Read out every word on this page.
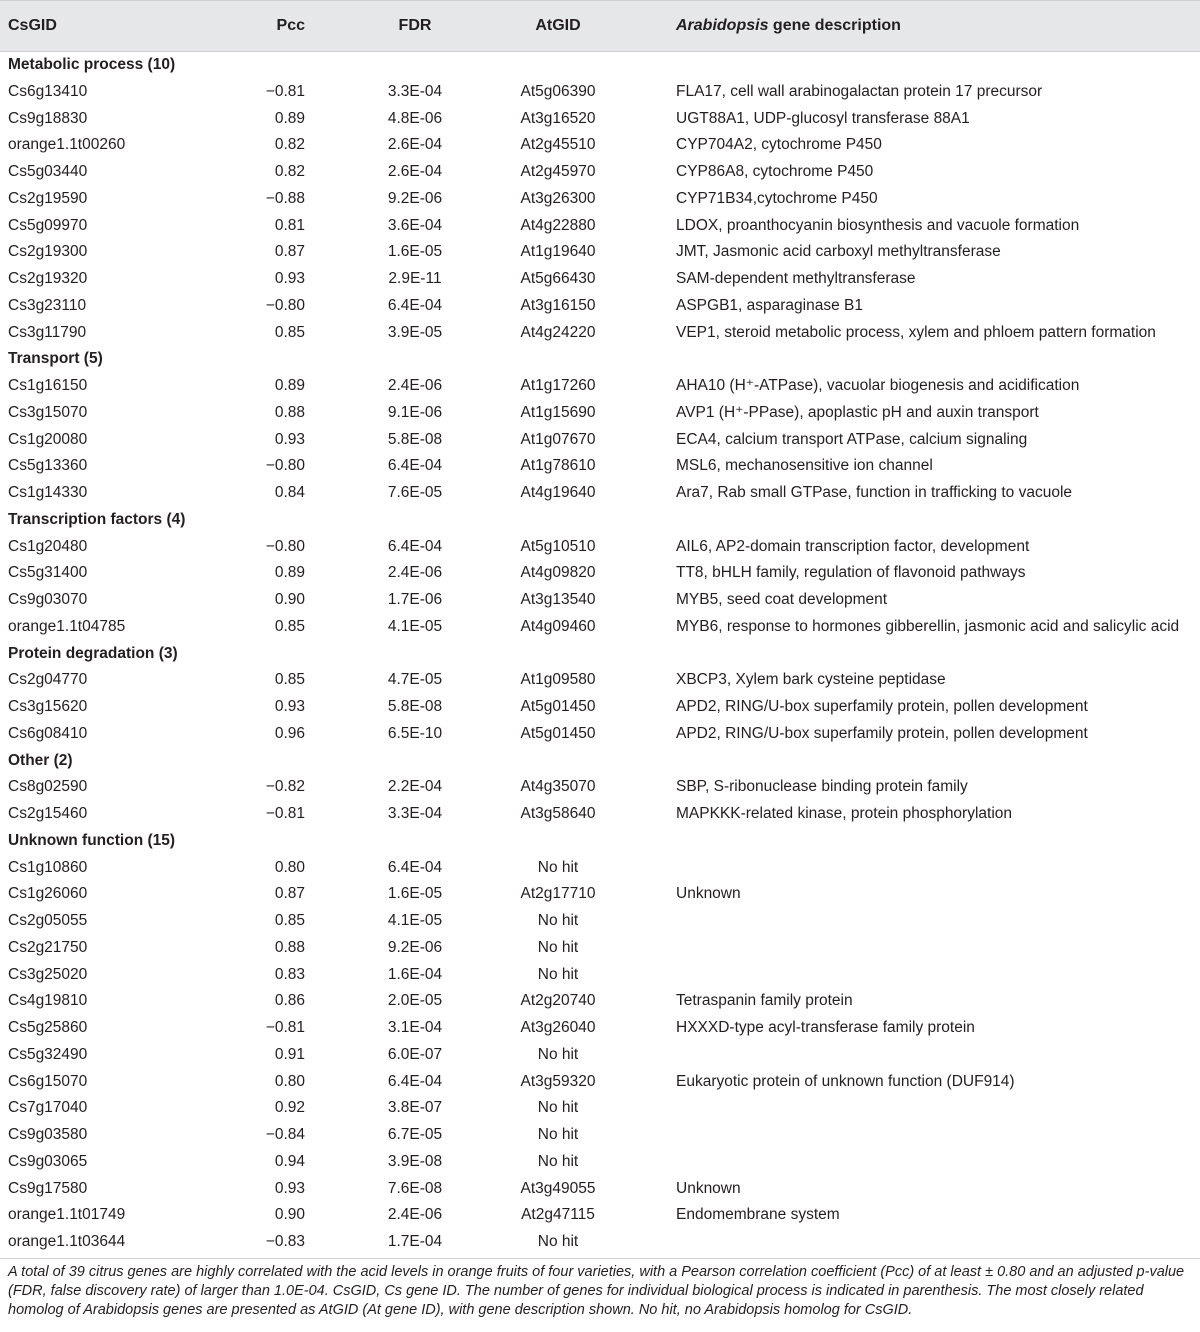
CsGID	Pcc	FDR	AtGID	Arabidopsis gene description
Metabolic process (10)
Cs6g13410	−0.81	3.3E-04	At5g06390	FLA17, cell wall arabinogalactan protein 17 precursor
Cs9g18830	0.89	4.8E-06	At3g16520	UGT88A1, UDP-glucosyl transferase 88A1
orange1.1t00260	0.82	2.6E-04	At2g45510	CYP704A2, cytochrome P450
Cs5g03440	0.82	2.6E-04	At2g45970	CYP86A8, cytochrome P450
Cs2g19590	−0.88	9.2E-06	At3g26300	CYP71B34,cytochrome P450
Cs5g09970	0.81	3.6E-04	At4g22880	LDOX, proanthocyanin biosynthesis and vacuole formation
Cs2g19300	0.87	1.6E-05	At1g19640	JMT, Jasmonic acid carboxyl methyltransferase
Cs2g19320	0.93	2.9E-11	At5g66430	SAM-dependent methyltransferase
Cs3g23110	−0.80	6.4E-04	At3g16150	ASPGB1, asparaginase B1
Cs3g11790	0.85	3.9E-05	At4g24220	VEP1, steroid metabolic process, xylem and phloem pattern formation
Transport (5)
Cs1g16150	0.89	2.4E-06	At1g17260	AHA10 (H⁺-ATPase), vacuolar biogenesis and acidification
Cs3g15070	0.88	9.1E-06	At1g15690	AVP1 (H⁺-PPase), apoplastic pH and auxin transport
Cs1g20080	0.93	5.8E-08	At1g07670	ECA4, calcium transport ATPase, calcium signaling
Cs5g13360	−0.80	6.4E-04	At1g78610	MSL6, mechanosensitive ion channel
Cs1g14330	0.84	7.6E-05	At4g19640	Ara7, Rab small GTPase, function in trafficking to vacuole
Transcription factors (4)
Cs1g20480	−0.80	6.4E-04	At5g10510	AIL6, AP2-domain transcription factor, development
Cs5g31400	0.89	2.4E-06	At4g09820	TT8, bHLH family, regulation of flavonoid pathways
Cs9g03070	0.90	1.7E-06	At3g13540	MYB5, seed coat development
orange1.1t04785	0.85	4.1E-05	At4g09460	MYB6, response to hormones gibberellin, jasmonic acid and salicylic acid
Protein degradation (3)
Cs2g04770	0.85	4.7E-05	At1g09580	XBCP3, Xylem bark cysteine peptidase
Cs3g15620	0.93	5.8E-08	At5g01450	APD2, RING/U-box superfamily protein, pollen development
Cs6g08410	0.96	6.5E-10	At5g01450	APD2, RING/U-box superfamily protein, pollen development
Other (2)
Cs8g02590	−0.82	2.2E-04	At4g35070	SBP, S-ribonuclease binding protein family
Cs2g15460	−0.81	3.3E-04	At3g58640	MAPKKK-related kinase, protein phosphorylation
Unknown function (15)
Cs1g10860	0.80	6.4E-04	No hit
Cs1g26060	0.87	1.6E-05	At2g17710	Unknown
Cs2g05055	0.85	4.1E-05	No hit
Cs2g21750	0.88	9.2E-06	No hit
Cs3g25020	0.83	1.6E-04	No hit
Cs4g19810	0.86	2.0E-05	At2g20740	Tetraspanin family protein
Cs5g25860	−0.81	3.1E-04	At3g26040	HXXXD-type acyl-transferase family protein
Cs5g32490	0.91	6.0E-07	No hit
Cs6g15070	0.80	6.4E-04	At3g59320	Eukaryotic protein of unknown function (DUF914)
Cs7g17040	0.92	3.8E-07	No hit
Cs9g03580	−0.84	6.7E-05	No hit
Cs9g03065	0.94	3.9E-08	No hit
Cs9g17580	0.93	7.6E-08	At3g49055	Unknown
orange1.1t01749	0.90	2.4E-06	At2g47115	Endomembrane system
orange1.1t03644	−0.83	1.7E-04	No hit
A total of 39 citrus genes are highly correlated with the acid levels in orange fruits of four varieties, with a Pearson correlation coefficient (Pcc) of at least ± 0.80 and an adjusted p-value (FDR, false discovery rate) of larger than 1.0E-04. CsGID, Cs gene ID. The number of genes for individual biological process is indicated in parenthesis. The most closely related homolog of Arabidopsis genes are presented as AtGID (At gene ID), with gene description shown. No hit, no Arabidopsis homolog for CsGID.
